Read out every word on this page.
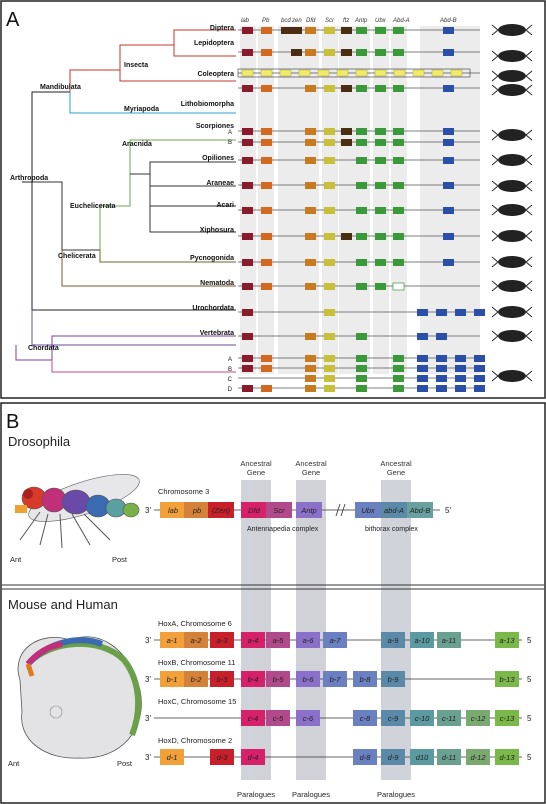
A
B
lab Pb bcd zen Dfd Scr ftz Antp Ubx Abd-A	Abd-B
Arthropoda
Mandibulata
Insecta
Myriapoda
Euchelicerata
Chelicerata
Aracnida
Chordata
Diptera
Lepidoptera
Coleoptera
Lithobiomorpha
Scorpiones
A
B
Opiliones
Araneae
Acari
Xiphosura
Pycnogonida
Nematoda
Urochordata
Vertebrata
A
B
C
D
Drosophila
Ancestral Gene
Ancestral Gene
Ancestral Gene
Chromosome 3
3'	5'
lab pb (Zen) Dfd Scr Antp	Ubx abd-A Abd-B
Antennapedia complex	bithorax complex
Ant	Post
Mouse and Human
HoxA, Chromosome 6
3'	5
a-1 a-2 a-3	a-4 a-5	a-6 a-7	a-9 a-10 a-11	a-13
HoxB, Chromosome 11
3'	5
b-1 b-2 b-3	b-4 b-5	b-6 b-7	b-8 b-9	b-13
HoxC, Chromosome 15
3'	5
c-4 c-5	c-6	c-8 c-9 c-10 c-11 c-12 c-13
HoxD, Chromosome 2
3'	5
d-1	d-3	d-4	d-8 d-9 d10 d-11 d-12 d-13
Ant	Post
Paralogues Paralogues	Paralogues
